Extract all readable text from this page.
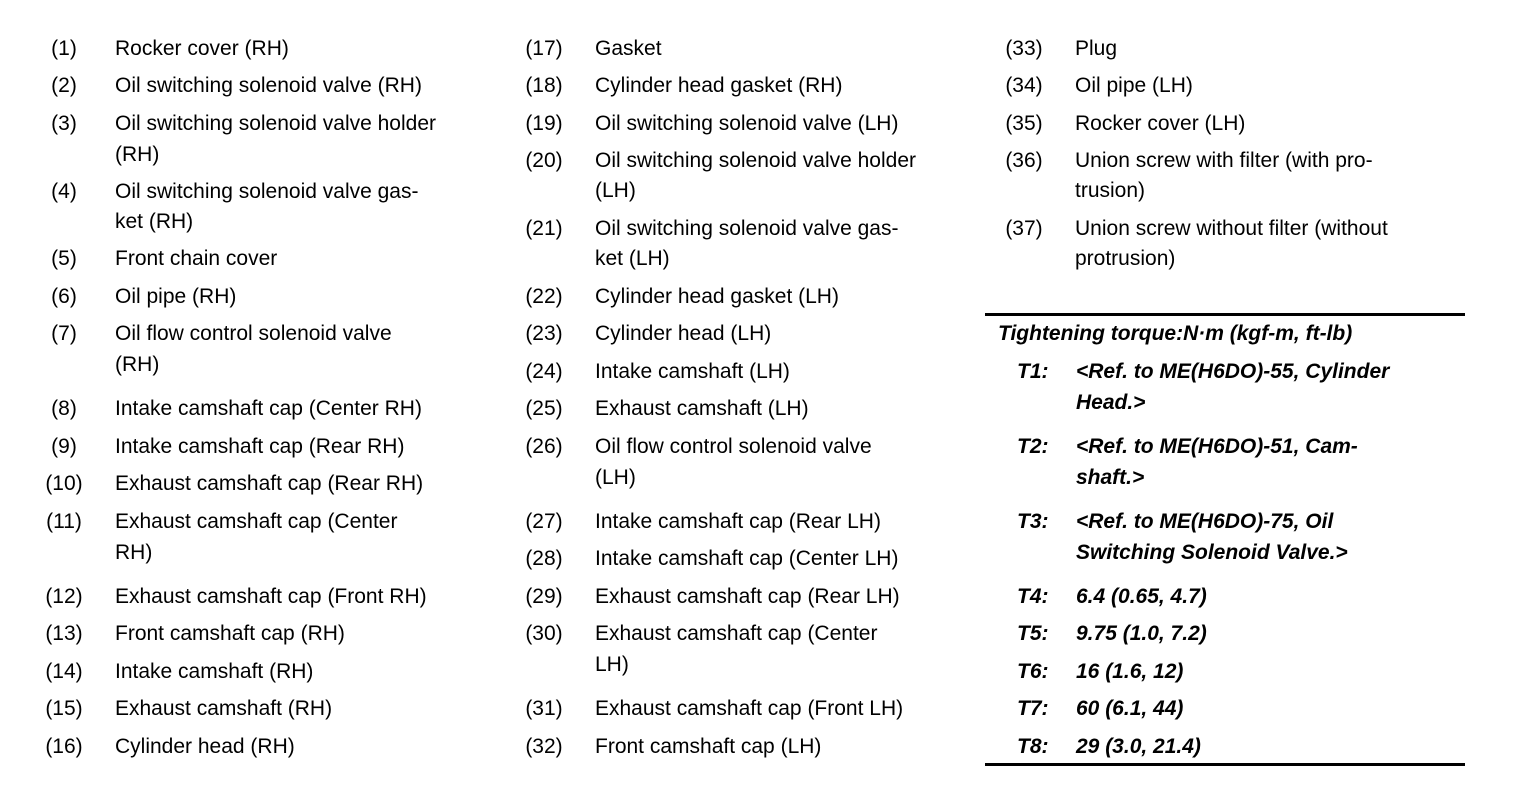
(1)	Rocker cover (RH)
(2)	Oil switching solenoid valve (RH)
(3)	Oil switching solenoid valve holder
(RH)
(4)	Oil switching solenoid valve gas-
ket (RH)
(5)	Front chain cover
(6)	Oil pipe (RH)
(7)	Oil flow control solenoid valve
(RH)
(8)	Intake camshaft cap (Center RH)
(9)	Intake camshaft cap (Rear RH)
(10) Exhaust camshaft cap (Rear RH)
(11) Exhaust camshaft cap (Center
RH)
(12) Exhaust camshaft cap (Front RH)
(13) Front camshaft cap (RH)
(14) Intake camshaft (RH)
(15) Exhaust camshaft (RH)
(16) Cylinder head (RH)
(17) Gasket
(18) Cylinder head gasket (RH)
(19) Oil switching solenoid valve (LH)
(20) Oil switching solenoid valve holder
(LH)
(21) Oil switching solenoid valve gas-
ket (LH)
(22) Cylinder head gasket (LH)
(23) Cylinder head (LH)
(24) Intake camshaft (LH)
(25) Exhaust camshaft (LH)
(26) Oil flow control solenoid valve
(LH)
(27) Intake camshaft cap (Rear LH)
(28) Intake camshaft cap (Center LH)
(29) Exhaust camshaft cap (Rear LH)
(30) Exhaust camshaft cap (Center
LH)
(31) Exhaust camshaft cap (Front LH)
(32) Front camshaft cap (LH)
(33) Plug
(34) Oil pipe (LH)
(35) Rocker cover (LH)
(36) Union screw with filter (with pro-
trusion)
(37) Union screw without filter (without
protrusion)
Tightening torque:N·m (kgf-m, ft-lb)
T1:	<Ref. to ME(H6DO)-55, Cylinder
Head.>
T2:	<Ref. to ME(H6DO)-51, Cam-
shaft.>
T3:	<Ref. to ME(H6DO)-75, Oil
Switching Solenoid Valve.>
T4:	6.4 (0.65, 4.7)
T5:	9.75 (1.0, 7.2)
T6:	16 (1.6, 12)
T7:	60 (6.1, 44)
T8:	29 (3.0, 21.4)
